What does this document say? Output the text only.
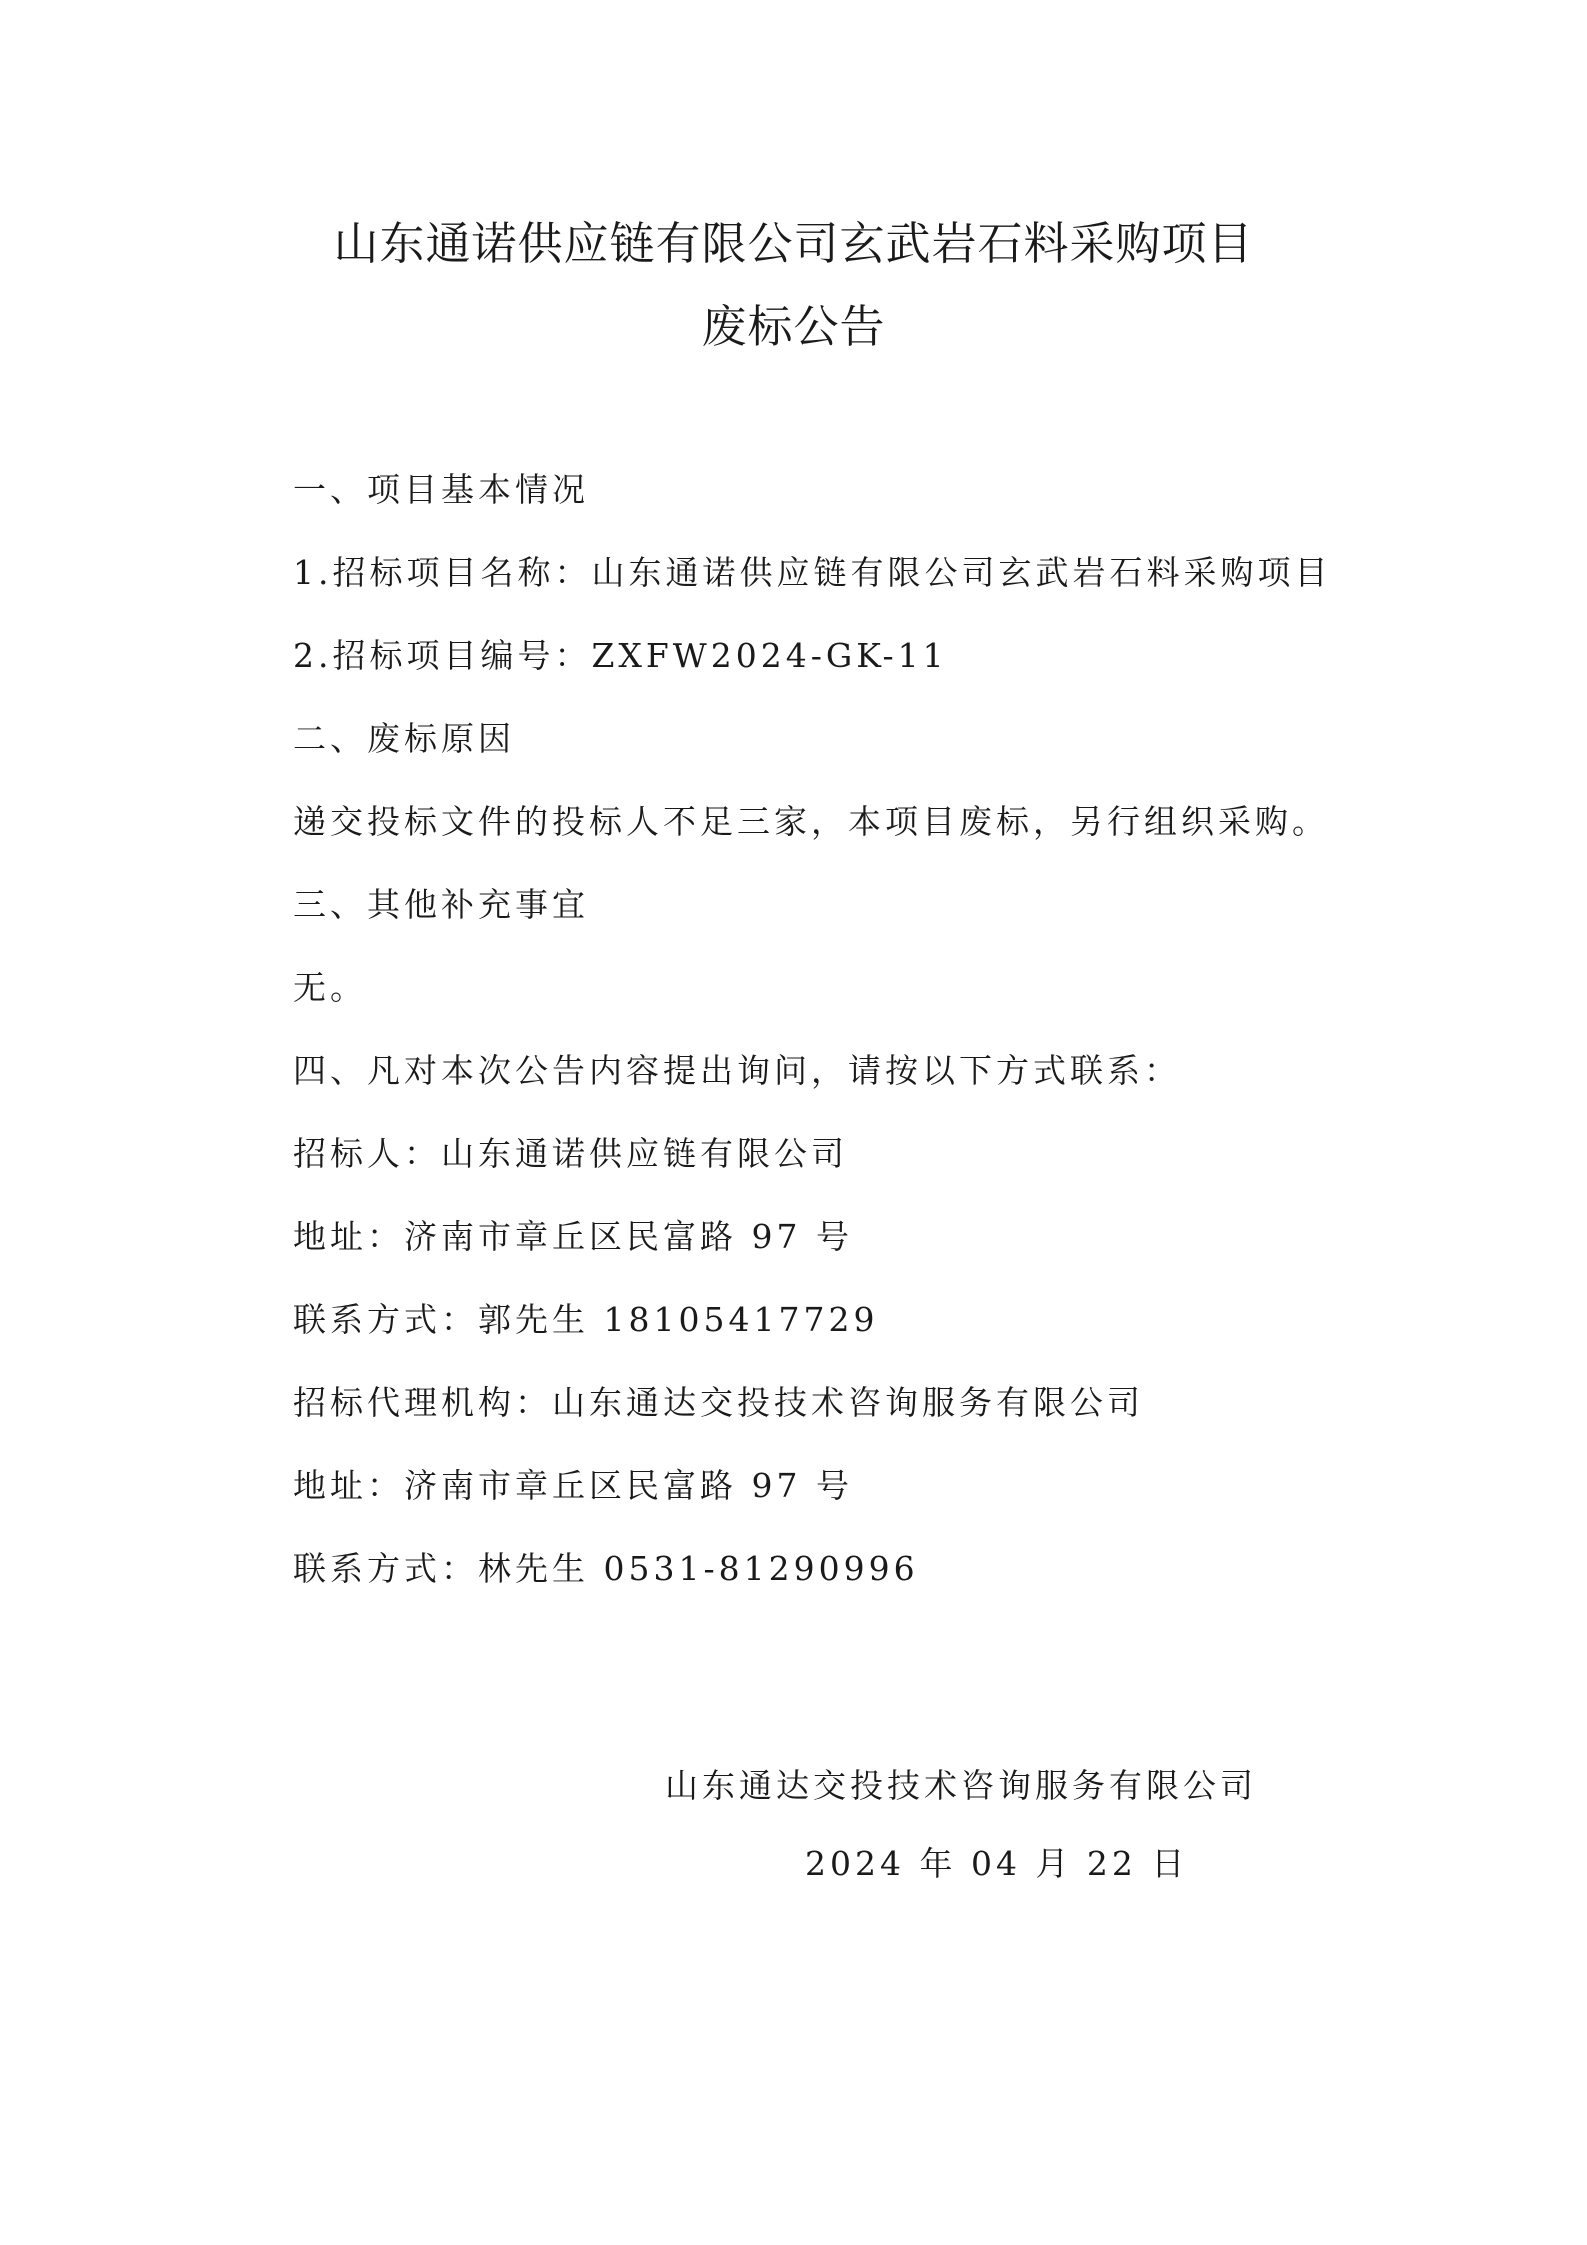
山东通诺供应链有限公司玄武岩石料采购项目
废标公告
一、项目基本情况
1.招标项目名称：山东通诺供应链有限公司玄武岩石料采购项目
2.招标项目编号：ZXFW2024-GK-11
二、废标原因
递交投标文件的投标人不足三家，本项目废标，另行组织采购。
三、其他补充事宜
无。
四、凡对本次公告内容提出询问，请按以下方式联系：
招标人：山东通诺供应链有限公司
地址：济南市章丘区民富路 97 号
联系方式：郭先生 18105417729
招标代理机构：山东通达交投技术咨询服务有限公司
地址：济南市章丘区民富路 97 号
联系方式：林先生 0531-81290996
山东通达交投技术咨询服务有限公司
2024 年 04 月 22 日
